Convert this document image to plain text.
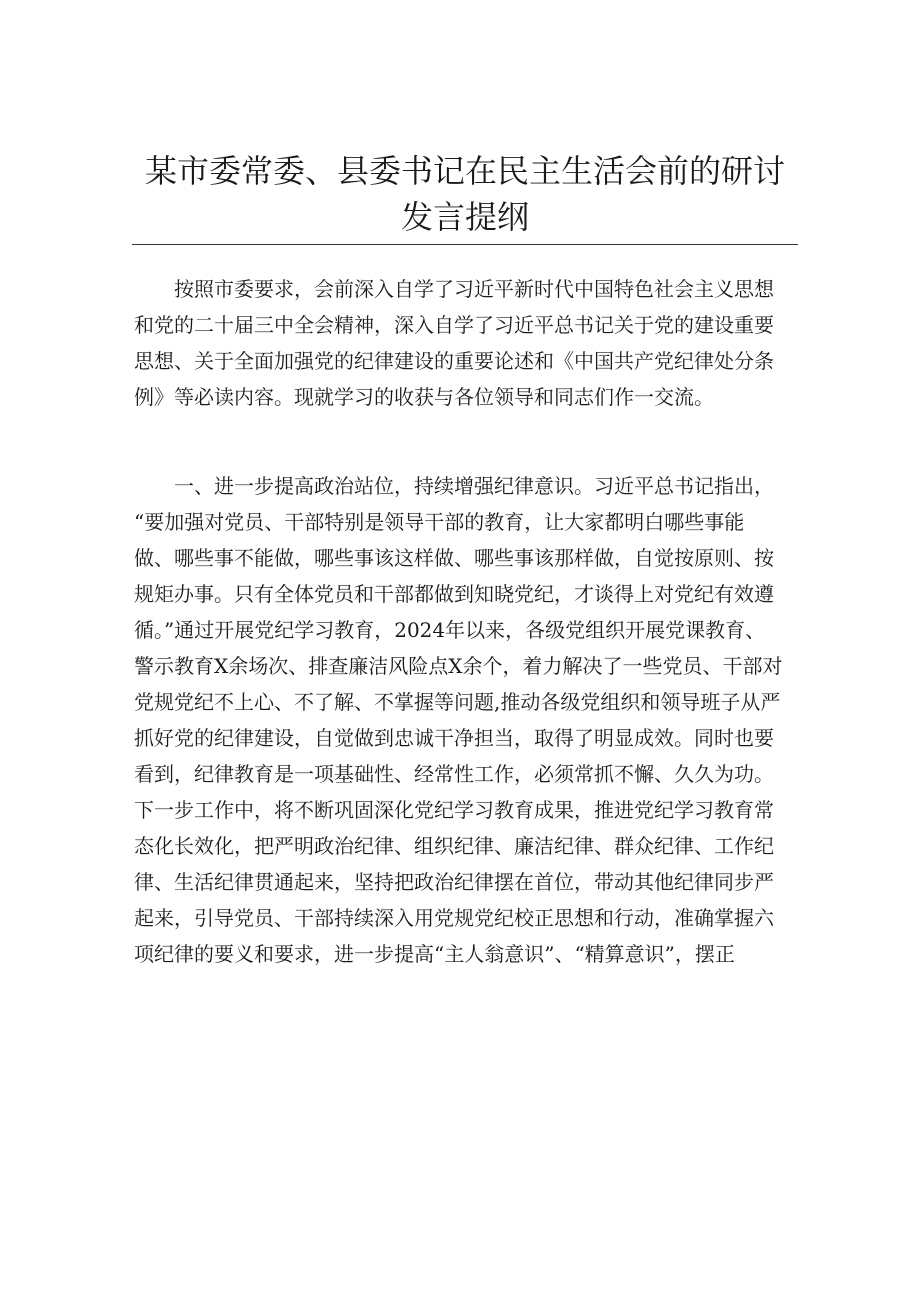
某市委常委、县委书记在民主生活会前的研讨
发言提纲
　　按照市委要求，会前深入自学了习近平新时代中国特色社会主义思想
和党的二十届三中全会精神，深入自学了习近平总书记关于党的建设重要
思想、关于全面加强党的纪律建设的重要论述和《中国共产党纪律处分条
例》等必读内容。现就学习的收获与各位领导和同志们作一交流。
　　一、进一步提高政治站位，持续增强纪律意识。习近平总书记指出，
“要加强对党员、干部特别是领导干部的教育，让大家都明白哪些事能
做、哪些事不能做，哪些事该这样做、哪些事该那样做，自觉按原则、按
规矩办事。只有全体党员和干部都做到知晓党纪，才谈得上对党纪有效遵
循。”通过开展党纪学习教育，2024年以来，各级党组织开展党课教育、
警示教育X余场次、排查廉洁风险点X余个，着力解决了一些党员、干部对
党规党纪不上心、不了解、不掌握等问题,推动各级党组织和领导班子从严
抓好党的纪律建设，自觉做到忠诚干净担当，取得了明显成效。同时也要
看到，纪律教育是一项基础性、经常性工作，必须常抓不懈、久久为功。
下一步工作中，将不断巩固深化党纪学习教育成果，推进党纪学习教育常
态化长效化，把严明政治纪律、组织纪律、廉洁纪律、群众纪律、工作纪
律、生活纪律贯通起来，坚持把政治纪律摆在首位，带动其他纪律同步严
起来，引导党员、干部持续深入用党规党纪校正思想和行动，准确掌握六
项纪律的要义和要求，进一步提高“主人翁意识”、“精算意识”，摆正
